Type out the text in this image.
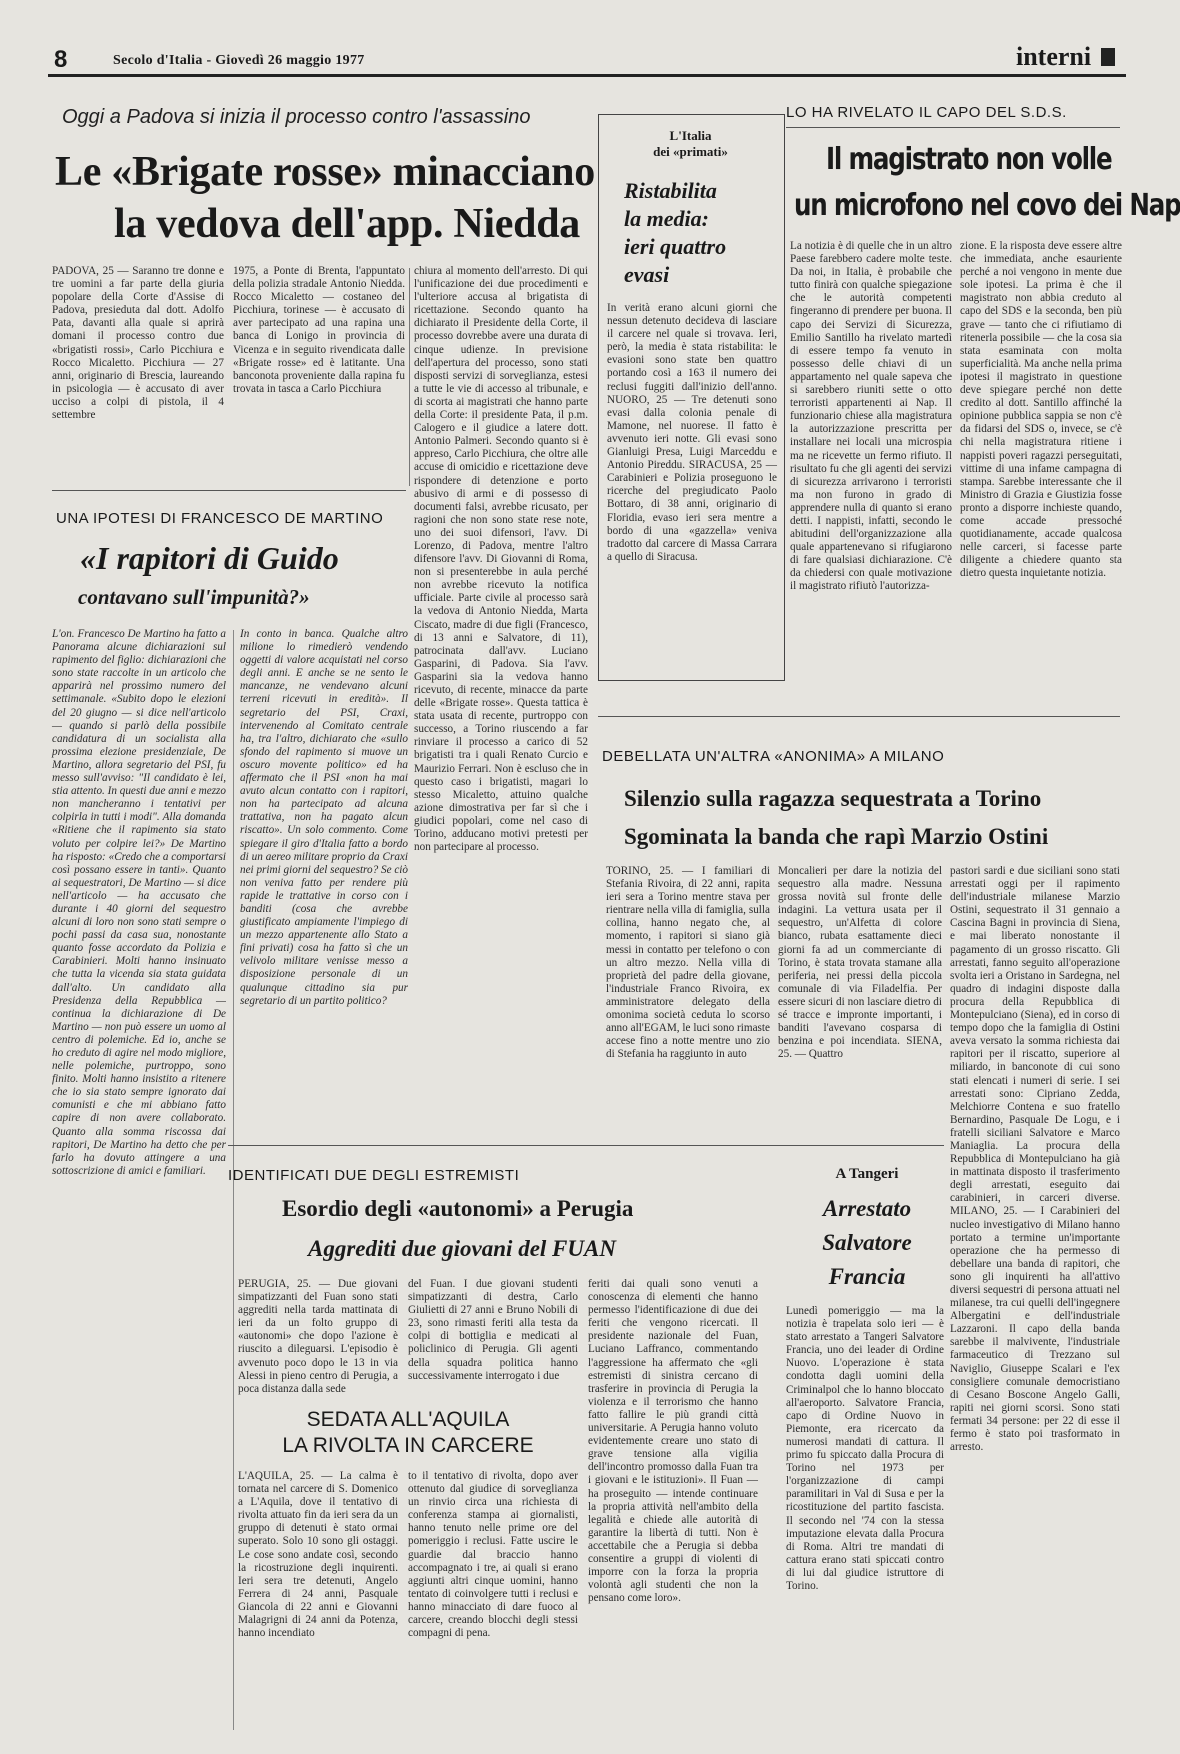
8	Secolo d'Italia - Giovedì 26 maggio 1977	interni
Oggi a Padova si inizia il processo contro l'assassino
Le «Brigate rosse» minacciano
la vedova dell'app. Niedda
PADOVA, 25 — Saranno tre donne e tre uomini a far parte della giuria popolare della Corte d'Assise di Padova, presieduta dal dott. Adolfo Pata, davanti alla quale si aprirà domani il processo contro due «brigatisti rossi», Carlo Picchiura e Rocco Micaletto. Picchiura — 27 anni, originario di Brescia, laureando in psicologia — è accusato di aver ucciso a colpi di pistola, il 4 settembre
1975, a Ponte di Brenta, l'appuntato della polizia stradale Antonio Niedda. Rocco Micaletto — costaneo del Picchiura, torinese — è accusato di aver partecipato ad una rapina una banca di Lonigo in provincia di Vicenza e in seguito rivendicata dalle «Brigate rosse» ed è latitante. Una banconota proveniente dalla rapina fu trovata in tasca a Carlo Picchiura
chiura al momento dell'arresto. Di qui l'unificazione dei due procedimenti e l'ulteriore accusa al brigatista di ricettazione. Secondo quanto ha dichiarato il Presidente della Corte, il processo dovrebbe avere una durata di cinque udienze. In previsione dell'apertura del processo, sono stati disposti servizi di sorveglianza, estesi a tutte le vie di accesso al tribunale, e di scorta ai magistrati che hanno parte della Corte: il presidente Pata, il p.m. Calogero e il giudice a latere dott. Antonio Palmeri. Secondo quanto si è appreso, Carlo Picchiura, che oltre alle accuse di omicidio e ricettazione deve rispondere di detenzione e porto abusivo di armi e di possesso di documenti falsi, avrebbe ricusato, per ragioni che non sono state rese note, uno dei suoi difensori, l'avv. Di Lorenzo, di Padova, mentre l'altro difensore l'avv. Di Giovanni di Roma, non si presenterebbe in aula perché non avrebbe ricevuto la notifica ufficiale. Parte civile al processo sarà la vedova di Antonio Niedda, Marta Ciscato, madre di due figli (Francesco, di 13 anni e Salvatore, di 11), patrocinata dall'avv. Luciano Gasparini, di Padova. Sia l'avv. Gasparini sia la vedova hanno ricevuto, di recente, minacce da parte delle «Brigate rosse». Questa tattica è stata usata di recente, purtroppo con successo, a Torino riuscendo a far rinviare il processo a carico di 52 brigatisti tra i quali Renato Curcio e Maurizio Ferrari. Non è escluso che in questo caso i brigatisti, magari lo stesso Micaletto, attuino qualche azione dimostrativa per far sì che i giudici popolari, come nel caso di Torino, adducano motivi pretesti per non partecipare al processo.
UNA IPOTESI DI FRANCESCO DE MARTINO
«I rapitori di Guido
contavano sull'impunità?»
L'on. Francesco De Martino ha fatto a Panorama alcune dichiarazioni sul rapimento del figlio: dichiarazioni che sono state raccolte in un articolo che apparirà nel prossimo numero del settimanale. «Subito dopo le elezioni del 20 giugno — si dice nell'articolo — quando si parlò della possibile candidatura di un socialista alla prossima elezione presidenziale, De Martino, allora segretario del PSI, fu messo sull'avviso: "Il candidato è lei, stia attento. In questi due anni e mezzo non mancheranno i tentativi per colpirla in tutti i modi". Alla domanda «Ritiene che il rapimento sia stato voluto per colpire lei?» De Martino ha risposto: «Credo che a comportarsi così possano essere in tanti». Quanto ai sequestratori, De Martino — si dice nell'articolo — ha accusato che durante i 40 giorni del sequestro alcuni di loro non sono stati sempre o pochi passi da casa sua, nonostante quanto fosse accordato da Polizia e Carabinieri. Molti hanno insinuato che tutta la vicenda sia stata guidata dall'alto. Un candidato alla Presidenza della Repubblica — continua la dichiarazione di De Martino — non può essere un uomo al centro di polemiche. Ed io, anche se ho creduto di agire nel modo migliore, nelle polemiche, purtroppo, sono finito. Molti hanno insistito a ritenere che io sia stato sempre ignorato dai comunisti e che mi abbiano fatto capire di non avere collaborato. Quanto alla somma riscossa dai rapitori, De Martino ha detto che per farlo ha dovuto attingere a una sottoscrizione di amici e familiari.
In conto in banca. Qualche altro milione lo rimedierò vendendo oggetti di valore acquistati nel corso degli anni. E anche se ne sento le mancanze, ne vendevano alcuni terreni ricevuti in eredità». Il segretario del PSI, Craxi, intervenendo al Comitato centrale ha, tra l'altro, dichiarato che «sullo sfondo del rapimento si muove un oscuro movente politico» ed ha affermato che il PSI «non ha mai avuto alcun contatto con i rapitori, non ha partecipato ad alcuna trattativa, non ha pagato alcun riscatto». Un solo commento. Come spiegare il giro d'Italia fatto a bordo di un aereo militare proprio da Craxi nei primi giorni del sequestro? Se ciò non veniva fatto per rendere più rapide le trattative in corso con i banditi (cosa che avrebbe giustificato ampiamente l'impiego di un mezzo appartenente allo Stato a fini privati) cosa ha fatto sì che un velivolo militare venisse messo a disposizione personale di un qualunque cittadino sia pur segretario di un partito politico?
L'Italia
dei «primati»
Ristabilita
la media:
ieri quattro
evasi
In verità erano alcuni giorni che nessun detenuto decideva di lasciare il carcere nel quale si trovava. Ieri, però, la media è stata ristabilita: le evasioni sono state ben quattro portando così a 163 il numero dei reclusi fuggiti dall'inizio dell'anno. NUORO, 25 — Tre detenuti sono evasi dalla colonia penale di Mamone, nel nuorese. Il fatto è avvenuto ieri notte. Gli evasi sono Gianluigi Presa, Luigi Marceddu e Antonio Pireddu. SIRACUSA, 25 — Carabinieri e Polizia proseguono le ricerche del pregiudicato Paolo Bottaro, di 38 anni, originario di Floridia, evaso ieri sera mentre a bordo di una «gazzella» veniva tradotto dal carcere di Massa Carrara a quello di Siracusa.
LO HA RIVELATO IL CAPO DEL S.D.S.
Il magistrato non volle
un microfono nel covo dei Nap
La notizia è di quelle che in un altro Paese farebbero cadere molte teste. Da noi, in Italia, è probabile che tutto finirà con qualche spiegazione che le autorità competenti fingeranno di prendere per buona. Il capo dei Servizi di Sicurezza, Emilio Santillo ha rivelato martedì di essere tempo fa venuto in possesso delle chiavi di un appartamento nel quale sapeva che si sarebbero riuniti sette o otto terroristi appartenenti ai Nap. Il funzionario chiese alla magistratura la autorizzazione prescritta per installare nei locali una microspia ma ne ricevette un fermo rifiuto. Il risultato fu che gli agenti dei servizi di sicurezza arrivarono i terroristi ma non furono in grado di apprendere nulla di quanto si erano detti. I nappisti, infatti, secondo le abitudini dell'organizzazione alla quale appartenevano si rifugiarono di fare qualsiasi dichiarazione. C'è da chiedersi con quale motivazione il magistrato rifiutò l'autorizza-
zione. E la risposta deve essere altre che immediata, anche esauriente perché a noi vengono in mente due sole ipotesi. La prima è che il magistrato non abbia creduto al capo del SDS e la seconda, ben più grave — tanto che ci rifiutiamo di ritenerla possibile — che la cosa sia stata esaminata con molta superficialità. Ma anche nella prima ipotesi il magistrato in questione deve spiegare perché non dette credito al dott. Santillo affinché la opinione pubblica sappia se non c'è da fidarsi del SDS o, invece, se c'è chi nella magistratura ritiene i nappisti poveri ragazzi perseguitati, vittime di una infame campagna di stampa. Sarebbe interessante che il Ministro di Grazia e Giustizia fosse pronto a disporre inchieste quando, come accade pressoché quotidianamente, accade qualcosa nelle carceri, si facesse parte diligente a chiedere quanto sta dietro questa inquietante notizia.
DEBELLATA UN'ALTRA «ANONIMA» A MILANO
Silenzio sulla ragazza sequestrata a Torino
Sgominata la banda che rapì Marzio Ostini
TORINO, 25. — I familiari di Stefania Rivoira, di 22 anni, rapita ieri sera a Torino mentre stava per rientrare nella villa di famiglia, sulla collina, hanno negato che, al momento, i rapitori si siano già messi in contatto per telefono o con un altro mezzo. Nella villa di proprietà del padre della giovane, l'industriale Franco Rivoira, ex amministratore delegato della omonima società ceduta lo scorso anno all'EGAM, le luci sono rimaste accese fino a notte mentre uno zio di Stefania ha raggiunto in auto
Moncalieri per dare la notizia del sequestro alla madre. Nessuna grossa novità sul fronte delle indagini. La vettura usata per il sequestro, un'Alfetta di colore bianco, rubata esattamente dieci giorni fa ad un commerciante di Torino, è stata trovata stamane alla periferia, nei pressi della piccola comunale di via Filadelfia. Per essere sicuri di non lasciare dietro di sé tracce e impronte importanti, i banditi l'avevano cosparsa di benzina e poi incendiata. SIENA, 25. — Quattro
pastori sardi e due siciliani sono stati arrestati oggi per il rapimento dell'industriale milanese Marzio Ostini, sequestrato il 31 gennaio a Cascina Bagni in provincia di Siena, e mai liberato nonostante il pagamento di un grosso riscatto. Gli arrestati, fanno seguito all'operazione svolta ieri a Oristano in Sardegna, nel quadro di indagini disposte dalla procura della Repubblica di Montepulciano (Siena), ed in corso di tempo dopo che la famiglia di Ostini aveva versato la somma richiesta dai rapitori per il riscatto, superiore al miliardo, in banconote di cui sono stati elencati i numeri di serie. I sei arrestati sono: Cipriano Zedda, Melchiorre Contena e suo fratello Bernardino, Pasquale De Logu, e i fratelli siciliani Salvatore e Marco Maniaglia. La procura della Repubblica di Montepulciano ha già in mattinata disposto il trasferimento degli arrestati, eseguito dai carabinieri, in carceri diverse. MILANO, 25. — I Carabinieri del nucleo investigativo di Milano hanno portato a termine un'importante operazione che ha permesso di debellare una banda di rapitori, che sono gli inquirenti ha all'attivo diversi sequestri di persona attuati nel milanese, tra cui quelli dell'ingegnere Albergatini e dell'industriale Lazzaroni. Il capo della banda sarebbe il malvivente, l'industriale farmaceutico di Trezzano sul Naviglio, Giuseppe Scalari e l'ex consigliere comunale democristiano di Cesano Boscone Angelo Galli, rapiti nei giorni scorsi. Sono stati fermati 34 persone: per 22 di esse il fermo è stato poi trasformato in arresto.
IDENTIFICATI DUE DEGLI ESTREMISTI
Esordio degli «autonomi» a Perugia
Aggrediti due giovani del FUAN
PERUGIA, 25. — Due giovani simpatizzanti del Fuan sono stati aggrediti nella tarda mattinata di ieri da un folto gruppo di «autonomi» che dopo l'azione è riuscito a dileguarsi. L'episodio è avvenuto poco dopo le 13 in via Alessi in pieno centro di Perugia, a poca distanza dalla sede
del Fuan. I due giovani studenti simpatizzanti di destra, Carlo Giulietti di 27 anni e Bruno Nobili di 23, sono rimasti feriti alla testa da colpi di bottiglia e medicati al policlinico di Perugia. Gli agenti della squadra politica hanno successivamente interrogato i due
feriti dai quali sono venuti a conoscenza di elementi che hanno permesso l'identificazione di due dei feriti che vengono ricercati. Il presidente nazionale del Fuan, Luciano Laffranco, commentando l'aggressione ha affermato che «gli estremisti di sinistra cercano di trasferire in provincia di Perugia la violenza e il terrorismo che hanno fatto fallire le più grandi città universitarie. A Perugia hanno voluto evidentemente creare uno stato di grave tensione alla vigilia dell'incontro promosso dalla Fuan tra i giovani e le istituzioni». Il Fuan — ha proseguito — intende continuare la propria attività nell'ambito della legalità e chiede alle autorità di garantire la libertà di tutti. Non è accettabile che a Perugia si debba consentire a gruppi di violenti di imporre con la forza la propria volontà agli studenti che non la pensano come loro».
A Tangeri
Arrestato
Salvatore
Francia
Lunedì pomeriggio — ma la notizia è trapelata solo ieri — è stato arrestato a Tangeri Salvatore Francia, uno dei leader di Ordine Nuovo. L'operazione è stata condotta dagli uomini della Criminalpol che lo hanno bloccato all'aeroporto. Salvatore Francia, capo di Ordine Nuovo in Piemonte, era ricercato da numerosi mandati di cattura. Il primo fu spiccato dalla Procura di Torino nel 1973 per l'organizzazione di campi paramilitari in Val di Susa e per la ricostituzione del partito fascista. Il secondo nel '74 con la stessa imputazione elevata dalla Procura di Roma. Altri tre mandati di cattura erano stati spiccati contro di lui dal giudice istruttore di Torino.
SEDATA ALL'AQUILA
LA RIVOLTA IN CARCERE
L'AQUILA, 25. — La calma è tornata nel carcere di S. Domenico a L'Aquila, dove il tentativo di rivolta attuato fin da ieri sera da un gruppo di detenuti è stato ormai superato. Solo 10 sono gli ostaggi. Le cose sono andate così, secondo la ricostruzione degli inquirenti. Ieri sera tre detenuti, Angelo Ferrera di 24 anni, Pasquale Giancola di 22 anni e Giovanni Malagrigni di 24 anni da Potenza, hanno incendiato
to il tentativo di rivolta, dopo aver ottenuto dal giudice di sorveglianza un rinvio circa una richiesta di conferenza stampa ai giornalisti, hanno tenuto nelle prime ore del pomeriggio i reclusi. Fatte uscire le guardie dal braccio hanno accompagnato i tre, ai quali si erano aggiunti altri cinque uomini, hanno tentato di coinvolgere tutti i reclusi e hanno minacciato di dare fuoco al carcere, creando blocchi degli stessi compagni di pena.
